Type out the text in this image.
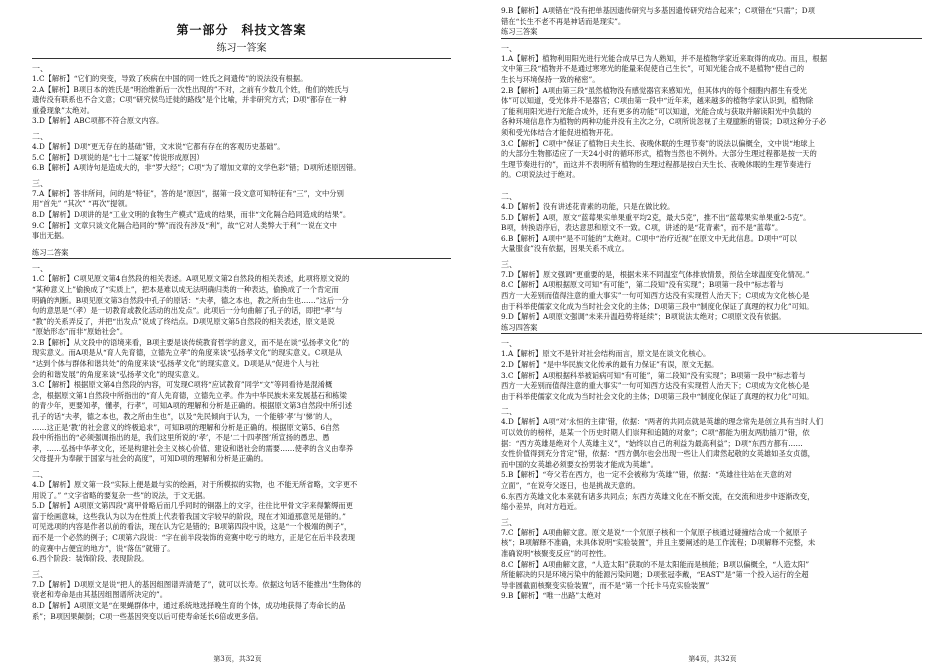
第一部分　科技文答案
练习一答案
一、
1.C【解析】“它们的突变，导致了疾病在中国的同一姓氏之间遗传”的说法没有根据。
2.A【解析】B项日本的姓氏是“明治维新后一次性出现的”不对，之前有少数几个姓，他们的姓氏与
遗传没有联系也不合文意；C项“研究侯鸟迁徙的路线”是个比喻，并非研究方式；D项“都存在一种
重叠现象”太绝对。
3.D【解析】ABC项都不符合原文内容。
二、
4.D【解析】D项“更无存在的基础”错，文末说“它都有存在的客观历史基础”。
5.C【解析】D项说的是“七十二疑冢”传说形成原因）
6.B【解析】A项诗句是造成大的，非“罗大经”；C项“为了增加文章的文学色彩”错；D项所述原因错。
三、
7.A【解析】答非所问，问的是“特征”，答的是“原因”，据第一段文意可知特征有“三”，文中分别
用“首先” “其次” “再次”提领。
8.D【解析】D项讲的是“工业文明的食物生产模式”造成的结果，而非“文化隔合趋同造成的结果”。
9.C【解析】文章只谈文化隔合趋同的“弊”而没有涉及“利”，故“它对人类弊大于利”一说在文中
事出无据。
练习二答案
一、
1.C【解析】C项见原文第4自然段的相关表述。A项见原文第2自然段的相关表述，此项将原文说的
“某种意义上”偷换成了“实质上”，把本是难以成无法明确归类的一种表达，偷换成了一个肯定而
明确的判断。B项见原文第3自然段中孔子的原话：“夫孝，德之本也，教之所由生也……”这后一分
句的意思是“（孝）是一切教育或教化活动的出发点”。此项后一分句曲解了孔子的话，即把“孝”与
“教”的关系弄反了，并把“出发点”说成了终结点。D项见原文第5自然段的相关表述，原文是说
“原始形态”而非“原始社会”。
2.B【解析】从文段中的语境来看，B项主要是谈传统教育哲学的意义，而不是在谈“弘扬孝文化”的
现实意义。而A项是从“育人先育德，立德先立孝”的角度来谈“弘扬孝文化”的现实意义。C项是从
“达到个体与群体和谐共处”的角度来谈“弘扬孝文化”的现实意义。D项是从“促进个人与社
会的和谐发展”的角度来谈“弘扬孝文化”的现实意义。
3.C【解析】根据原文第4自然段的内容，可发现C项将“应试教育”同学“文”等同看待是混淆概
念，根据原文第1自然段中所指出的“育人先育德，立德先立孝。作为中华民族未来发展基石和栋梁
的青少年，更要知孝，懂孝，行孝”，可知A项的理解和分析是正确的。根据原文第3自然段中所引述
孔子的话“夫孝，德之本也，教之所由生也”，以及“先民倾向于认为，一个能够‘孝’与‘悌’的人，
……这正是‘教’的社会意义的终极追求”，可知B项的理解和分析是正确的。根据原文第5、6自然
段中所指出的“必须强调指出的是，我们这里所说的‘孝’，不是‘二十四孝图’所宣扬的愚忠、愚
孝，……弘扬中华孝文化，还是构建社会主义核心价值、建设和谐社会的需要……使孝的含义由奉养
父母提升为奉献于国家与社会的高度”，可知D项的理解和分析是正确的。
二、
4.D【解析】原文第一段“实际上便是最与实的绘画，对于所模拟的实物，也 不能无所省略，文字更不
用说了。” “文字省略的要复杂一些”的说法，于文无据。
5.D【解析】A项原文第四段“离甲骨略后而几乎同时的铜器上的文字，往往比甲骨文字来得繁缛而更
富于绘画意味，这些我认为以为在性质上代表着我国文字较早的阶段，现在才知道那意见是错的。”
可见选项的内容是作者以前的看法，现在认为它是错的；B项第四段中说，这是“一个极端的例子”，
而不是一个必然的例子；C项第六段说：“字在前半段装饰的竞赛中吃亏的地方，正是它在后半段表现
的竞赛中占便宜的地方”，说“落伍”就错了。
6.西个阶段：装饰阶段、表现阶段。
三、
7.D【解析】D项原文是说“把人的基因组图谱弄清楚了”，就可以长寿。依据这句话不能推出“生物体的
衰老和寿命是由其基因组图谱所决定的”。
8.D【解析】A项原文是“在果蝇群体中，通过系统地选择晚生育的个体，成功地获得了寿命长的品
系”；B项因果颠倒；C项一些基因突变以后可使寿命延长6倍或更多倍。
第3页，共32页
9.B【解析】A项错在“没有把单基因遗传研究与多基因遗传研究结合起来”；C项错在“只需”；D项
错在“长生不老不再是神话而是现实”。
练习三答案
一、
1.A【解析】植物利用阳光进行光能合成早已为人熟知，并不是植物学家近来取得的成功。而且，根据
文中第三段“植物并不是通过寒寒光的能量来促使自己生长”，可知光能合成不是植物“使自己的
生长与环境保持一致的秘密”。
2.B【解析】A项由第三段“虽然植物没有感觉器官来感知光，但其体内的每个细胞内都生有受光
体”可以知道，受光体并不是器官；C项由第一段中“近年来，越来越多的植物学家认识到，植物除
了能利用阳光进行光能合成外，还有更多的功能”可以知道，光能合成与获取并解读阳光中负载的
各种环境信息作为植物的两种功能并没有主次之分，C项所说忽视了主观臆断的错误；D项这种分子必
须和受光体结合才能促进植物开花。
3.C【解析】C项中“保证了植物日夫生长、夜晚休眠的生理节奏”的说法以偏概全，文中说“地球上
的大部分生物都适应了一天24小时的循环形式，植物当然也不例外。大部分生理过程都是按一天的
生理节奏进行的”，而这并不表明所有植物的生理过程都是按白天生长、夜晚休眠的生理节奏进行
的。C项说法过于绝对。
二、
4.D【解析】没有讲述花青素的功能，只是在做比较。
5.D【解析】A项，原文“蓝莓果实单果重平均2克，最大5克”，推不出“蓝莓果实单果重2-5克”。
B项，转换语序后，表达意思和原文不一致。C项，讲述的是“花青素”，而不是“蓝莓”。
6.B【解析】A项中“是不可能的”太绝对。C项中“治疗近视”在原文中无此信息。D项中“可以
大量服食”没有依据，因果关系不成立。
三、
7.D【解析】原文强调“更重要的是，根据未来不同温室气体排放情景，预估全球温度变化情况。”
8.C【解析】A项根据原文可知“有可能”，第二段知“没有实现”；B项第一段中“标志着与
西方一大差别而值得注意的重大事实”一句可知西方达没有实现哲人治天下；C项成为文化核心是
由于科举使儒家文化成为当时社会文化的主体；D项第三段中“制度化保证了真理的权力化”可知。
9.D【解析】A项原文强调“未来升温趋势将延续”；B项说法太绝对；C项原文没有依据。
练习四答案
一、
1.A【解析】原文不是针对社会结构而言，原文是在谈文化核心。
2.D【解析】“是中华民族文化传承的最有力保证”有误，原文无据。
3.C【解析】A项根据科举被诟病可知“有可能”，第二段知“没有实现”；B项第一段中“标志着与
西方一大差别而值得注意的重大事实”一句可知西方达没有实现哲人治天下；C项成为文化核心是
由于科举使儒家文化成为当时社会文化的主体；D项第三段中“制度化保证了真理的权力化”可知。
二、
4.D【解析】A项“对‘永恒的主律’错，依据：“两者的共同点就是英雄的理念常先是创立具有当时人们
可以效仿的榜样，是某一个历史时期人们崇拜和追随的对象”；C项“都能为朋友两肋插刀”错，依
据：“西方英雄是绝对个人英雄主义”，“始终以自己的利益为最高利益”；D项“东西方都有……
女性价值得到充分肯定”错，依据：“西方偶尔也会出现一些让人们肃然起敬的女英雄如圣女贞德，
而中国的女英雄必须要女扮男装才能成为英雄”。
5.B【解析】“夸父若在西方，也一定不会被称为‘英雄’”错，依据：“英雄往往站在天意的对
立面”，“在说夸父逐日，也是挑战天意的。
6.东西方英雄文化本来就有诸多共同点；东西方英雄文化在不断交流，在交流和进步中逐渐改变，
缩小差异，向对方趋近。
三、
7.C【解析】A项曲解文意。原文是说“一个氘原子核和一个氚原子核通过碰撞结合成一个氦原子
核”；B项解释不准确，未具体说明“实验装置”，并且主要阐述的是工作流程；D项解释不完整，未
准确说明“核聚变反应”的可控性。
8.C【解析】A项曲解文意，“人造太阳”获取的不是太阳能而是核能；B项以偏概全，“人造太阳”
所能解决的只是环境污染中的能源污染问题；D项张冠李戴，“EAST”是“第一个投入运行的全超
导非圆截面核聚变实验装置”，而不是“第一个托卡马克实验装置”
9.B【解析】“唯一出路”太绝对
第4页，共32页
